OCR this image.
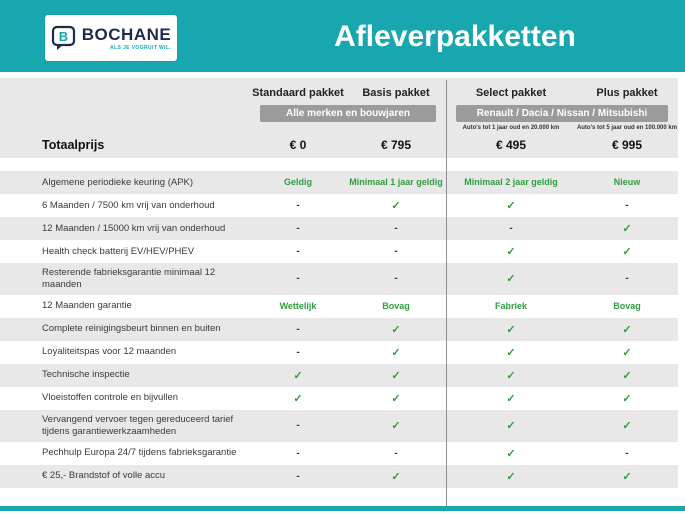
B BOCHANE
ALS JE VOORUIT WIL.	Afleverpakketten
Standaard pakket	Basis pakket	Select pakket	Plus pakket
Alle merken en bouwjaren	Renault / Dacia / Nissan / Mitsubishi
Auto's tot 1 jaar oud en 20.000 km	Auto's tot 5 jaar oud en 100.000 km
Totaalprijs	€ 0	€ 795	€ 495	€ 995
Algemene periodieke keuring (APK)	Geldig	Minimaal 1 jaar geldig	Minimaal 2 jaar geldig	Nieuw
6 Maanden / 7500 km vrij van onderhoud	-	✓	✓	-
12 Maanden / 15000 km vrij van onderhoud	-	-	-	✓
Health check batterij EV/HEV/PHEV	-	-	✓	✓
Resterende fabrieksgarantie minimaal 12 maanden	-	-	✓	-
12 Maanden garantie	Wettelijk	Bovag	Fabriek	Bovag
Complete reinigingsbeurt binnen en buiten	-	✓	✓	✓
Loyaliteitspas voor 12 maanden	-	✓	✓	✓
Technische inspectie	✓	✓	✓	✓
Vloeistoffen controle en bijvullen	✓	✓	✓	✓
Vervangend vervoer tegen gereduceerd tarief tijdens garantiewerkzaamheden	-	✓	✓	✓
Pechhulp Europa 24/7 tijdens fabrieksgarantie	-	-	✓	-
€ 25,- Brandstof of volle accu	-	✓	✓	✓
